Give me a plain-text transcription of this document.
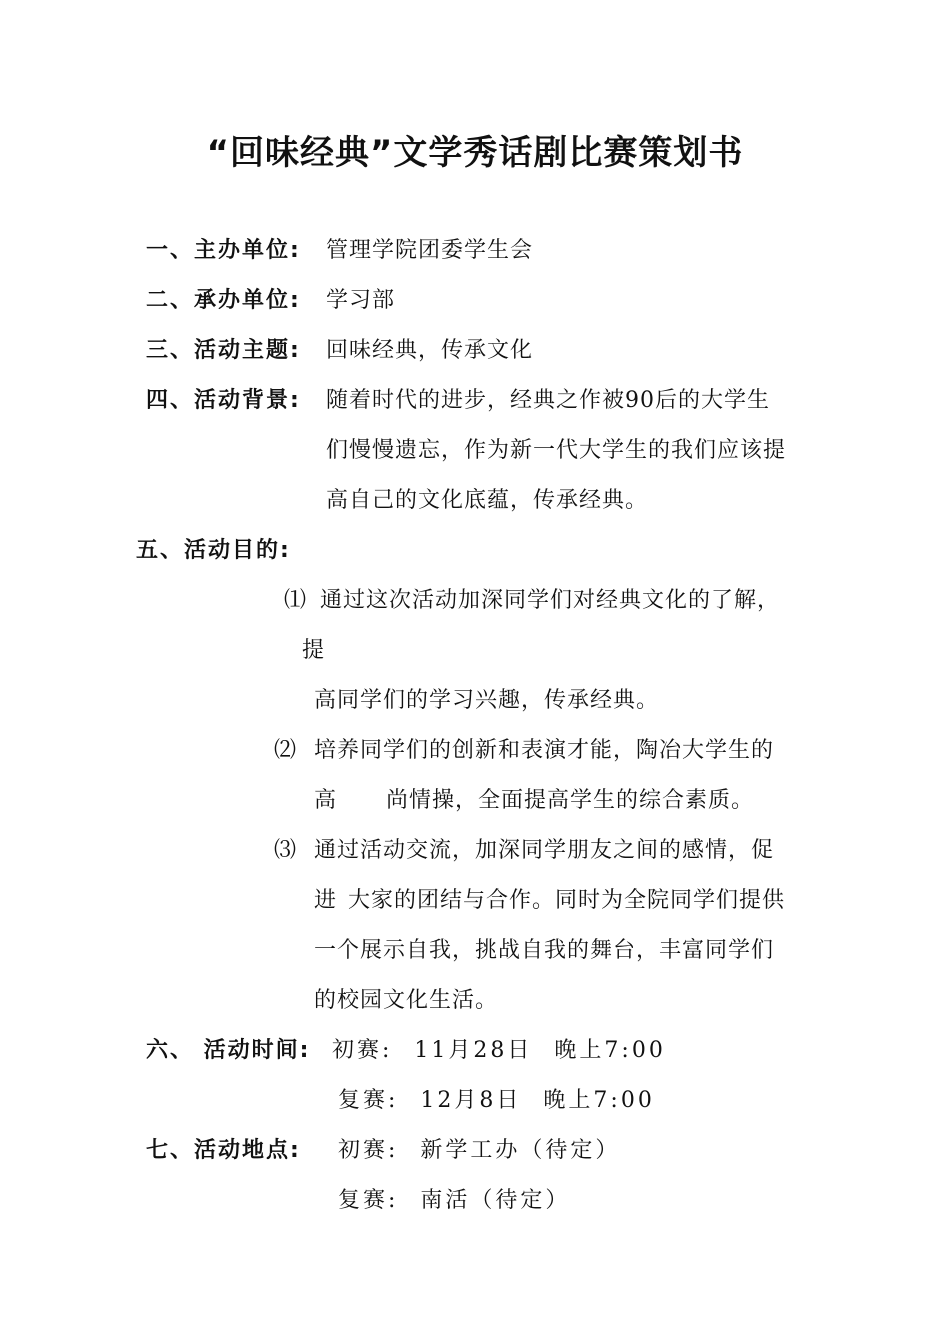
“回味经典”文学秀话剧比赛策划书
一、主办单位: 管理学院团委学生会
二、承办单位: 学习部
三、活动主题: 回味经典，传承文化
四、活动背景: 随着时代的进步，经典之作被90后的大学生
们慢慢遗忘，作为新一代大学生的我们应该提
高自己的文化底蕴，传承经典。
五、活动目的:
⑴ 通过这次活动加深同学们对经典文化的了解，
提
高同学们的学习兴趣，传承经典。
⑵ 培养同学们的创新和表演才能，陶冶大学生的
高 尚情操，全面提高学生的综合素质。
⑶ 通过活动交流，加深同学朋友之间的感情，促
进 大家的团结与合作。同时为全院同学们提供
一个展示自我，挑战自我的舞台，丰富同学们
的校园文化生活。
六、 活动时间: 初赛: 11月28日 晚上7:00
复赛: 12月8日 晚上7:00
七、活动地点: 初赛: 新学工办（待定）
复赛: 南活（待定）
